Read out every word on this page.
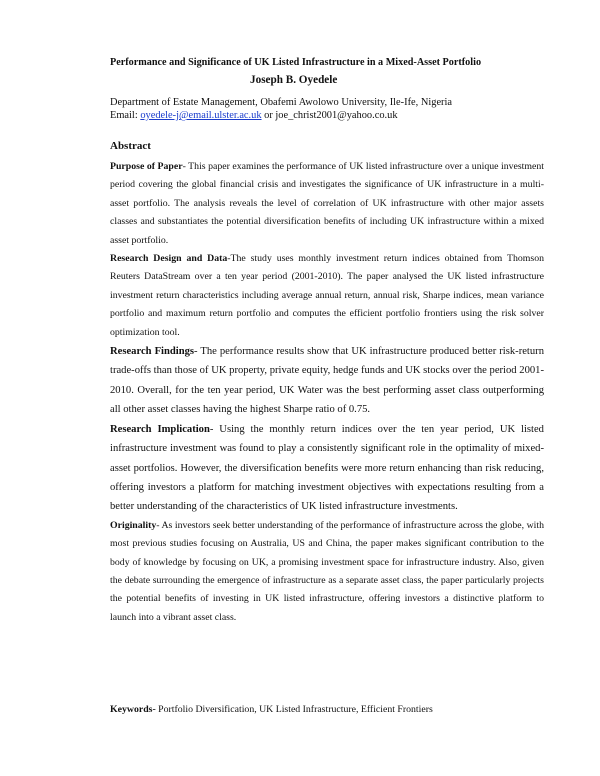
Performance and Significance of UK Listed Infrastructure in a Mixed-Asset Portfolio
Joseph B. Oyedele
Department of Estate Management, Obafemi Awolowo University, Ile-Ife, Nigeria
Email: oyedele-j@email.ulster.ac.uk or joe_christ2001@yahoo.co.uk
Abstract

Purpose of Paper- This paper examines the performance of UK listed infrastructure over a unique investment period covering the global financial crisis and investigates the significance of UK infrastructure in a multi-asset portfolio. The analysis reveals the level of correlation of UK infrastructure with other major assets classes and substantiates the potential diversification benefits of including UK infrastructure within a mixed asset portfolio.

Research Design and Data-The study uses monthly investment return indices obtained from Thomson Reuters DataStream over a ten year period (2001-2010). The paper analysed the UK listed infrastructure investment return characteristics including average annual return, annual risk, Sharpe indices, mean variance portfolio and maximum return portfolio and computes the efficient portfolio frontiers using the risk solver optimization tool.

Research Findings- The performance results show that UK infrastructure produced better risk-return trade-offs than those of UK property, private equity, hedge funds and UK stocks over the period 2001-2010. Overall, for the ten year period, UK Water was the best performing asset class outperforming all other asset classes having the highest Sharpe ratio of 0.75.

Research Implication- Using the monthly return indices over the ten year period, UK listed infrastructure investment was found to play a consistently significant role in the optimality of mixed-asset portfolios. However, the diversification benefits were more return enhancing than risk reducing, offering investors a platform for matching investment objectives with expectations resulting from a better understanding of the characteristics of UK listed infrastructure investments.

Originality- As investors seek better understanding of the performance of infrastructure across the globe, with most previous studies focusing on Australia, US and China, the paper makes significant contribution to the body of knowledge by focusing on UK, a promising investment space for infrastructure industry. Also, given the debate surrounding the emergence of infrastructure as a separate asset class, the paper particularly projects the potential benefits of investing in UK listed infrastructure, offering investors a distinctive platform to launch into a vibrant asset class.

Keywords- Portfolio Diversification, UK Listed Infrastructure, Efficient Frontiers
